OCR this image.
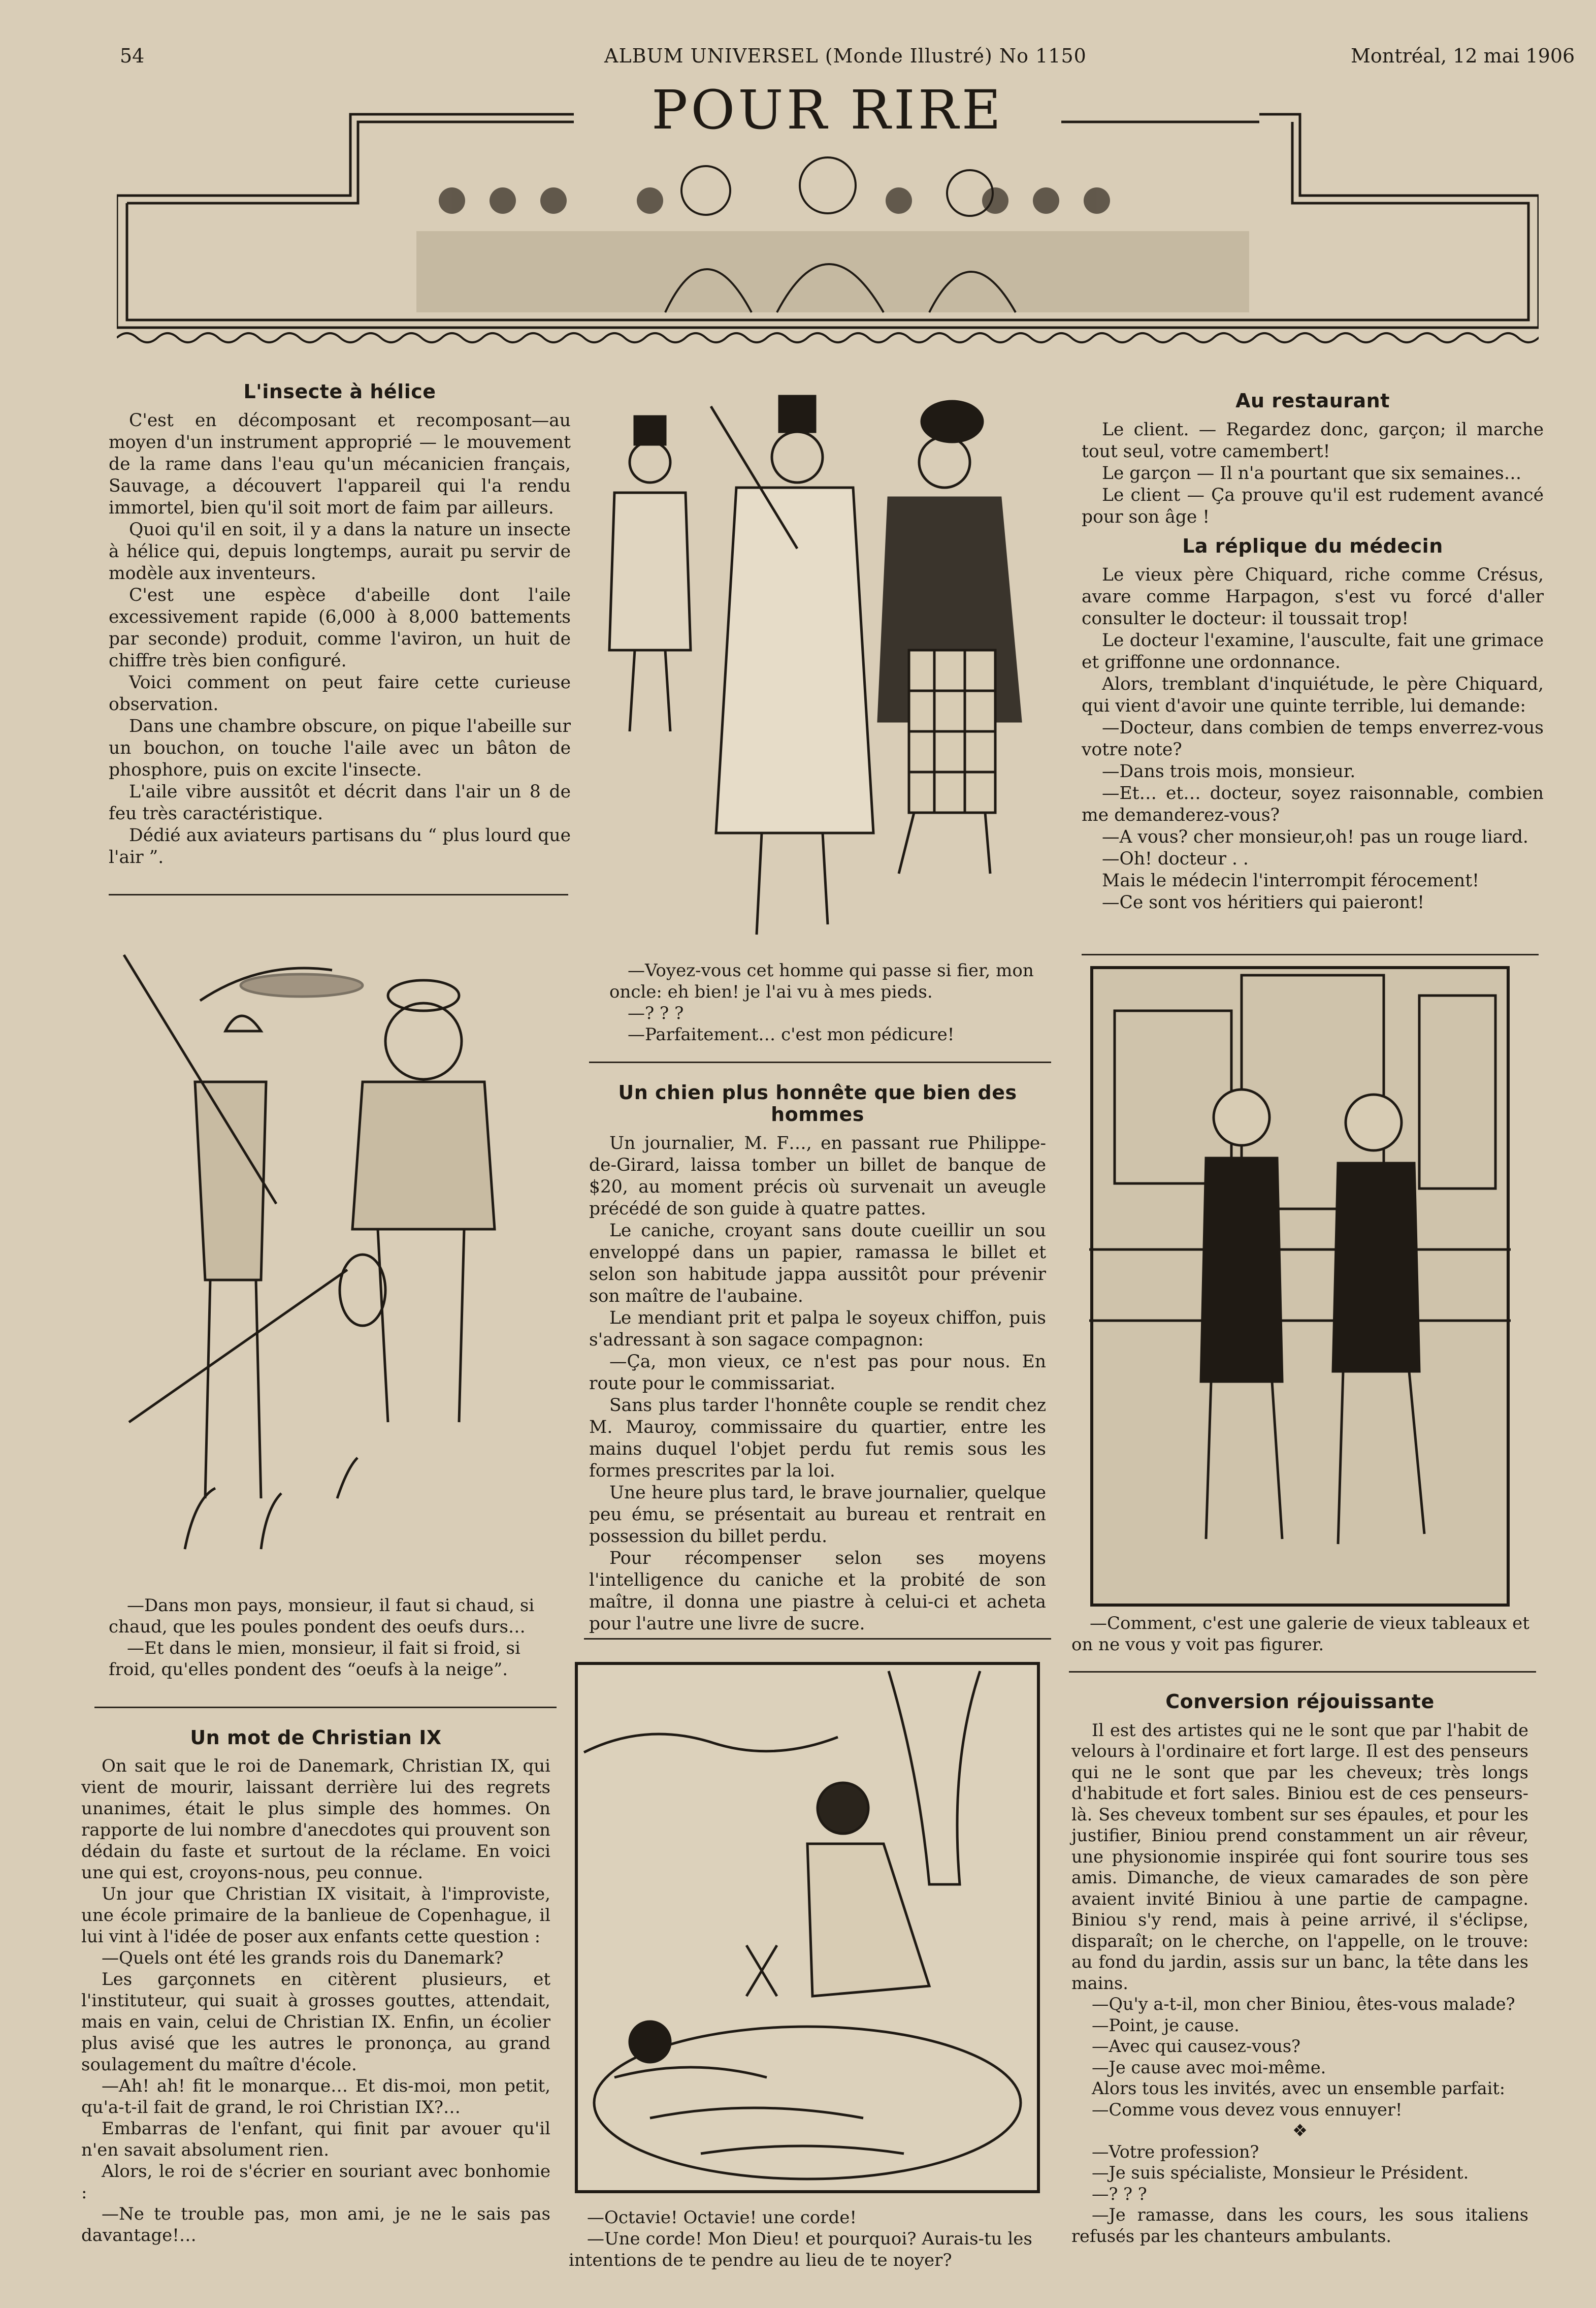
54	ALBUM UNIVERSEL (Monde Illustré) No 1150	Montréal, 12 mai 1906
POUR RIRE
L'insecte à hélice

C'est en décomposant et recomposant—au moyen d'un instrument approprié — le mouvement de la rame dans l'eau qu'un mécanicien français, Sauvage, a découvert l'appareil qui l'a rendu immortel, bien qu'il soit mort de faim par ailleurs.

Quoi qu'il en soit, il y a dans la nature un insecte à hélice qui, depuis longtemps, aurait pu servir de modèle aux inventeurs.

C'est une espèce d'abeille dont l'aile excessivement rapide (6,000 à 8,000 battements par seconde) produit, comme l'aviron, un huit de chiffre très bien configuré.

Voici comment on peut faire cette curieuse observation.

Dans une chambre obscure, on pique l'abeille sur un bouchon, on touche l'aile avec un bâton de phosphore, puis on excite l'insecte.

L'aile vibre aussitôt et décrit dans l'air un 8 de feu très caractéristique.

Dédié aux aviateurs partisans du “ plus lourd que l'air ”.

—Dans mon pays, monsieur, il faut si chaud, si chaud, que les poules pondent des oeufs durs…

—Et dans le mien, monsieur, il fait si froid, si froid, qu'elles pondent des “oeufs à la neige”.

Un mot de Christian IX

On sait que le roi de Danemark, Christian IX, qui vient de mourir, laissant derrière lui des regrets unanimes, était le plus simple des hommes. On rapporte de lui nombre d'anecdotes qui prouvent son dédain du faste et surtout de la réclame. En voici une qui est, croyons-nous, peu connue.

Un jour que Christian IX visitait, à l'improviste, une école primaire de la banlieue de Copenhague, il lui vint à l'idée de poser aux enfants cette question :

—Quels ont été les grands rois du Danemark?

Les garçonnets en citèrent plusieurs, et l'instituteur, qui suait à grosses gouttes, attendait, mais en vain, celui de Christian IX. Enfin, un écolier plus avisé que les autres le prononça, au grand soulagement du maître d'école.

—Ah! ah! fit le monarque… Et dis-moi, mon petit, qu'a-t-il fait de grand, le roi Christian IX?…

Embarras de l'enfant, qui finit par avouer qu'il n'en savait absolument rien.

Alors, le roi de s'écrier en souriant avec bonhomie :

—Ne te trouble pas, mon ami, je ne le sais pas davantage!…

—Voyez-vous cet homme qui passe si fier, mon oncle: eh bien! je l'ai vu à mes pieds.

—? ? ?

—Parfaitement… c'est mon pédicure!

Un chien plus honnête que bien des hommes

Un journalier, M. F…, en passant rue Philippe-de-Girard, laissa tomber un billet de banque de $20, au moment précis où survenait un aveugle précédé de son guide à quatre pattes.

Le caniche, croyant sans doute cueillir un sou enveloppé dans un papier, ramassa le billet et selon son habitude jappa aussitôt pour prévenir son maître de l'aubaine.

Le mendiant prit et palpa le soyeux chiffon, puis s'adressant à son sagace compagnon:

—Ça, mon vieux, ce n'est pas pour nous. En route pour le commissariat.

Sans plus tarder l'honnête couple se rendit chez M. Mauroy, commissaire du quartier, entre les mains duquel l'objet perdu fut remis sous les formes prescrites par la loi.

Une heure plus tard, le brave journalier, quelque peu ému, se présentait au bureau et rentrait en possession du billet perdu.

Pour récompenser selon ses moyens l'intelligence du caniche et la probité de son maître, il donna une piastre à celui-ci et acheta pour l'autre une livre de sucre.

—Octavie! Octavie! une corde!

—Une corde! Mon Dieu! et pourquoi? Aurais-tu les intentions de te pendre au lieu de te noyer?

Au restaurant

Le client. — Regardez donc, garçon; il marche tout seul, votre camembert!

Le garçon — Il n'a pourtant que six semaines…

Le client — Ça prouve qu'il est rudement avancé pour son âge !

La réplique du médecin

Le vieux père Chiquard, riche comme Crésus, avare comme Harpagon, s'est vu forcé d'aller consulter le docteur: il toussait trop!

Le docteur l'examine, l'ausculte, fait une grimace et griffonne une ordonnance.

Alors, tremblant d'inquiétude, le père Chiquard, qui vient d'avoir une quinte terrible, lui demande:

—Docteur, dans combien de temps enverrez-vous votre note?

—Dans trois mois, monsieur.

—Et… et… docteur, soyez raisonnable, combien me demanderez-vous?

—A vous? cher monsieur,oh! pas un rouge liard.

—Oh! docteur . .

Mais le médecin l'interrompit férocement!

—Ce sont vos héritiers qui paieront!

—Comment, c'est une galerie de vieux tableaux et on ne vous y voit pas figurer.

Conversion réjouissante

Il est des artistes qui ne le sont que par l'habit de velours à l'ordinaire et fort large. Il est des penseurs qui ne le sont que par les cheveux; très longs d'habitude et fort sales. Biniou est de ces penseurs-là. Ses cheveux tombent sur ses épaules, et pour les justifier, Biniou prend constamment un air rêveur, une physionomie inspirée qui font sourire tous ses amis. Dimanche, de vieux camarades de son père avaient invité Biniou à une partie de campagne. Biniou s'y rend, mais à peine arrivé, il s'éclipse, disparaît; on le cherche, on l'appelle, on le trouve: au fond du jardin, assis sur un banc, la tête dans les mains.

—Qu'y a-t-il, mon cher Biniou, êtes-vous malade?

—Point, je cause.

—Avec qui causez-vous?

—Je cause avec moi-même.

Alors tous les invités, avec un ensemble parfait:

—Comme vous devez vous ennuyer!

❖

—Votre profession?

—Je suis spécialiste, Monsieur le Président.

—? ? ?

—Je ramasse, dans les cours, les sous italiens refusés par les chanteurs ambulants.
